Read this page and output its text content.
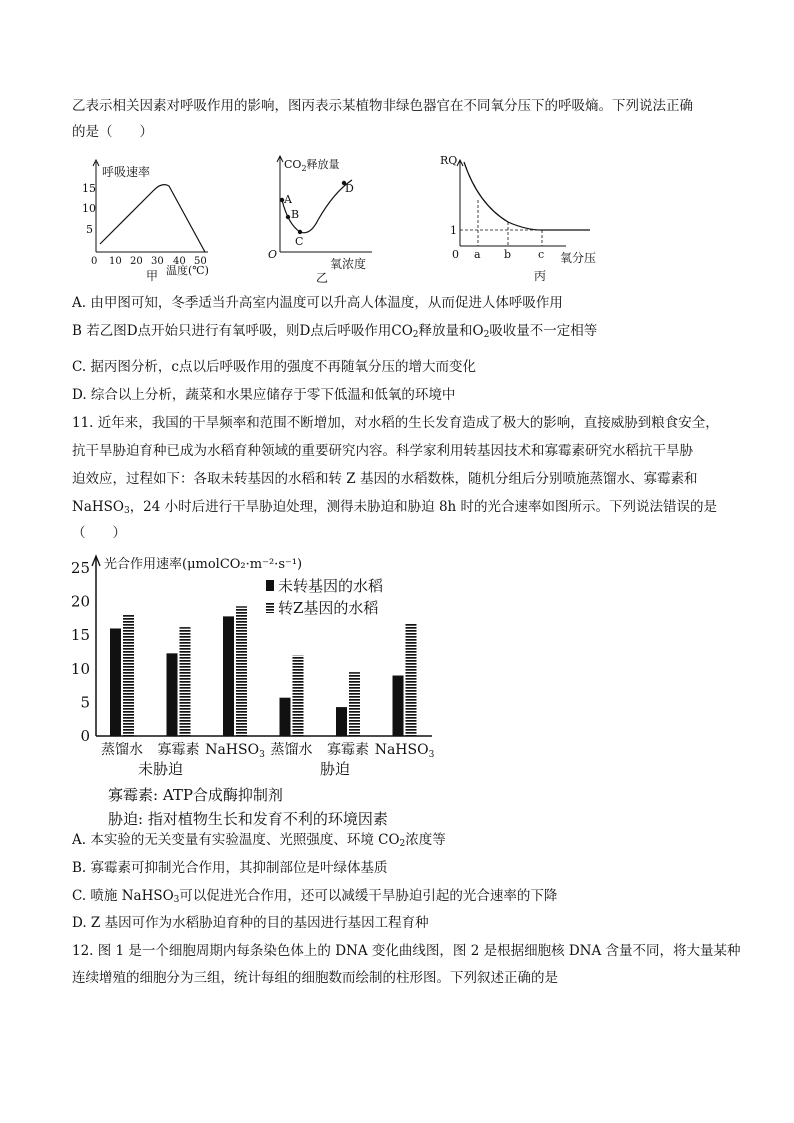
乙表示相关因素对呼吸作用的影响，图丙表示某植物非绿色器官在不同氧分压下的呼吸熵。下列说法正确
的是（　　）
呼吸速率
15
10
5
0 10 20 30 40 50
温度(℃)
甲
$CO_2$释放量
A
B
C
D
O
氧浓度
乙
RQ
1
0 a b c 氧分压
丙
A. 由甲图可知，冬季适当升高室内温度可以升高人体温度，从而促进人体呼吸作用
B 若乙图D点开始只进行有氧呼吸，则D点后呼吸作用$CO_2$释放量和$O_2$吸收量不一定相等
C. 据丙图分析，c点以后呼吸作用的强度不再随氧分压的增大而变化
D. 综合以上分析，蔬菜和水果应储存于零下低温和低氧的环境中
11. 近年来，我国的干旱频率和范围不断增加，对水稻的生长发育造成了极大的影响，直接威胁到粮食安全，
抗干旱胁迫育种已成为水稻育种领域的重要研究内容。科学家利用转基因技术和寡霉素研究水稻抗干旱胁
迫效应，过程如下：各取未转基因的水稻和转 Z 基因的水稻数株，随机分组后分别喷施蒸馏水、寡霉素和
NaHSO$_3$，24 小时后进行干旱胁迫处理，测得未胁迫和胁迫 8h 时的光合速率如图所示。下列说法错误的是
（　　）
光合作用速率(μmolCO₂·m⁻²·s⁻¹)
0
5
10
15
20
25
蒸馏水 寡霉素 NaHSO$_3$ 蒸馏水 寡霉素 NaHSO$_3$
未转基因的水稻
转Z基因的水稻
未胁迫	胁迫
寡霉素: ATP合成酶抑制剂
胁迫: 指对植物生长和发育不利的环境因素
A. 本实验的无关变量有实验温度、光照强度、环境 $CO_2$浓度等
B. 寡霉素可抑制光合作用，其抑制部位是叶绿体基质
C. 喷施 NaHSO$_3$可以促进光合作用，还可以减缓干旱胁迫引起的光合速率的下降
D. Z 基因可作为水稻胁迫育种的目的基因进行基因工程育种
12. 图 1 是一个细胞周期内每条染色体上的 DNA 变化曲线图，图 2 是根据细胞核 DNA 含量不同，将大量某种
连续增殖的细胞分为三组，统计每组的细胞数而绘制的柱形图。下列叙述正确的是
